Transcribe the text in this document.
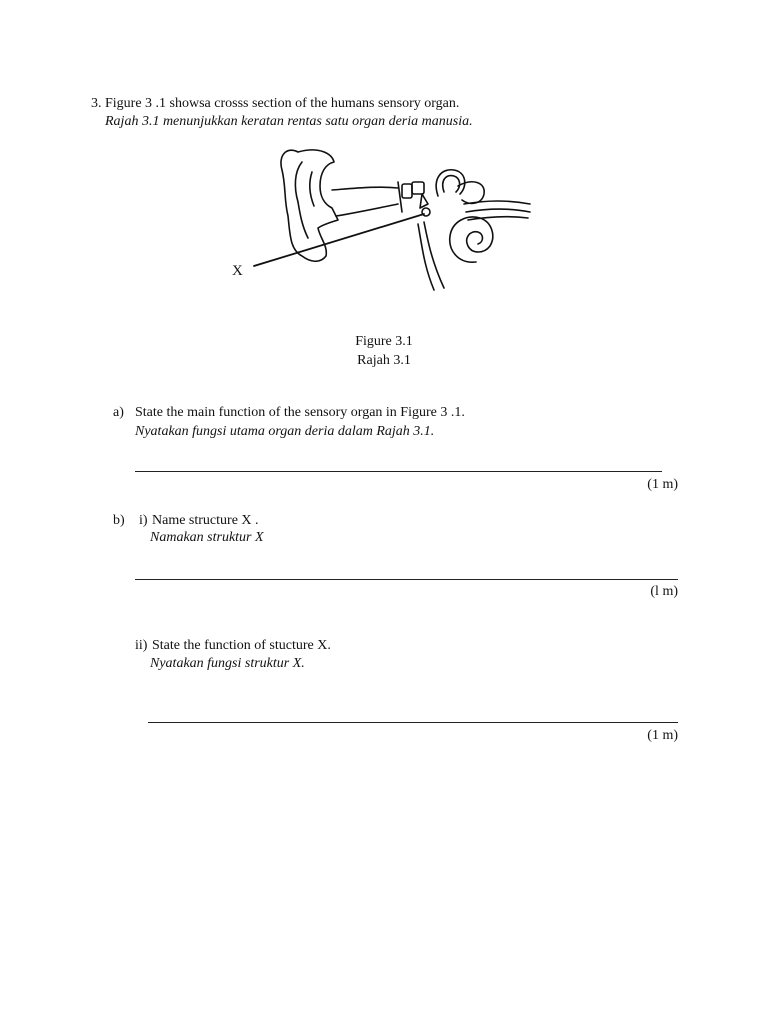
3. Figure 3 .1 showsa crosss section of the humans sensory organ.
Rajah 3.1 menunjukkan keratan rentas satu organ deria manusia.
X
Figure 3.1
Rajah 3.1
a) State the main function of the sensory organ in Figure 3 .1.
Nyatakan fungsi utama organ deria dalam Rajah 3.1.
(1 m)
b) i) Name structure X .
Namakan struktur X
(l m)
ii) State the function of stucture X.
Nyatakan fungsi struktur X.
(1 m)
